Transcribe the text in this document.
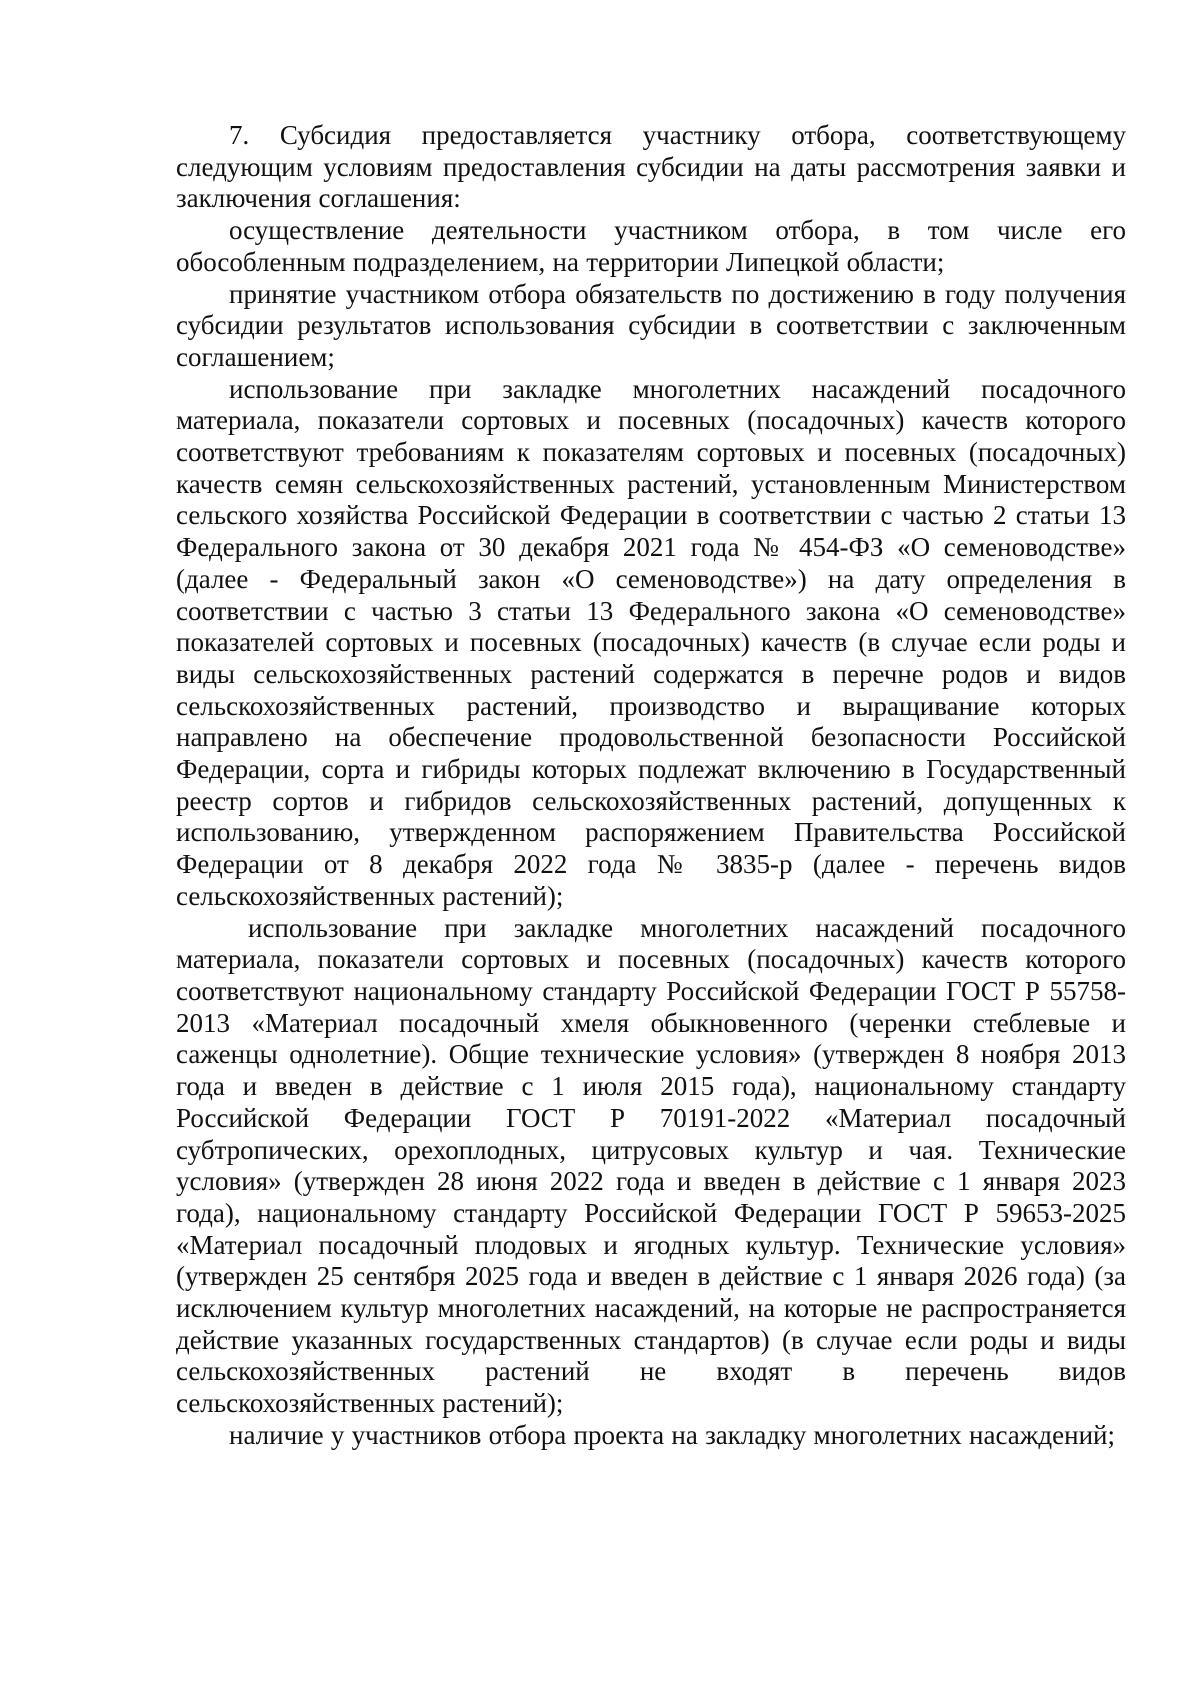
7. Субсидия предоставляется участнику отбора, соответствующему следующим условиям предоставления субсидии на даты рассмотрения заявки и заключения соглашения:

осуществление деятельности участником отбора, в том числе его обособленным подразделением, на территории Липецкой области;

принятие участником отбора обязательств по достижению в году получения субсидии результатов использования субсидии в соответствии с заключенным соглашением;

использование при закладке многолетних насаждений посадочного материала, показатели сортовых и посевных (посадочных) качеств которого соответствуют требованиям к показателям сортовых и посевных (посадочных) качеств семян сельскохозяйственных растений, установленным Министерством сельского хозяйства Российской Федерации в соответствии с частью 2 статьи 13 Федерального закона от 30 декабря 2021 года № 454-ФЗ «О семеноводстве» (далее - Федеральный закон «О семеноводстве») на дату определения в соответствии с частью 3 статьи 13 Федерального закона «О семеноводстве» показателей сортовых и посевных (посадочных) качеств (в случае если роды и виды сельскохозяйственных растений содержатся в перечне родов и видов сельскохозяйственных растений, производство и выращивание которых направлено на обеспечение продовольственной безопасности Российской Федерации, сорта и гибриды которых подлежат включению в Государственный реестр сортов и гибридов сельскохозяйственных растений, допущенных к использованию, утвержденном распоряжением Правительства Российской Федерации от 8 декабря 2022 года № 3835-р (далее - перечень видов сельскохозяйственных растений);

использование при закладке многолетних насаждений посадочного материала, показатели сортовых и посевных (посадочных) качеств которого соответствуют национальному стандарту Российской Федерации ГОСТ Р 55758-2013 «Материал посадочный хмеля обыкновенного (черенки стеблевые и саженцы однолетние). Общие технические условия» (утвержден 8 ноября 2013 года и введен в действие с 1 июля 2015 года), национальному стандарту Российской Федерации ГОСТ Р 70191-2022 «Материал посадочный субтропических, орехоплодных, цитрусовых культур и чая. Технические условия» (утвержден 28 июня 2022 года и введен в действие с 1 января 2023 года), национальному стандарту Российской Федерации ГОСТ Р 59653-2025 «Материал посадочный плодовых и ягодных культур. Технические условия» (утвержден 25 сентября 2025 года и введен в действие с 1 января 2026 года) (за исключением культур многолетних насаждений, на которые не распространяется действие указанных государственных стандартов) (в случае если роды и виды сельскохозяйственных растений не входят в перечень видов сельскохозяйственных растений);

наличие у участников отбора проекта на закладку многолетних насаждений;
